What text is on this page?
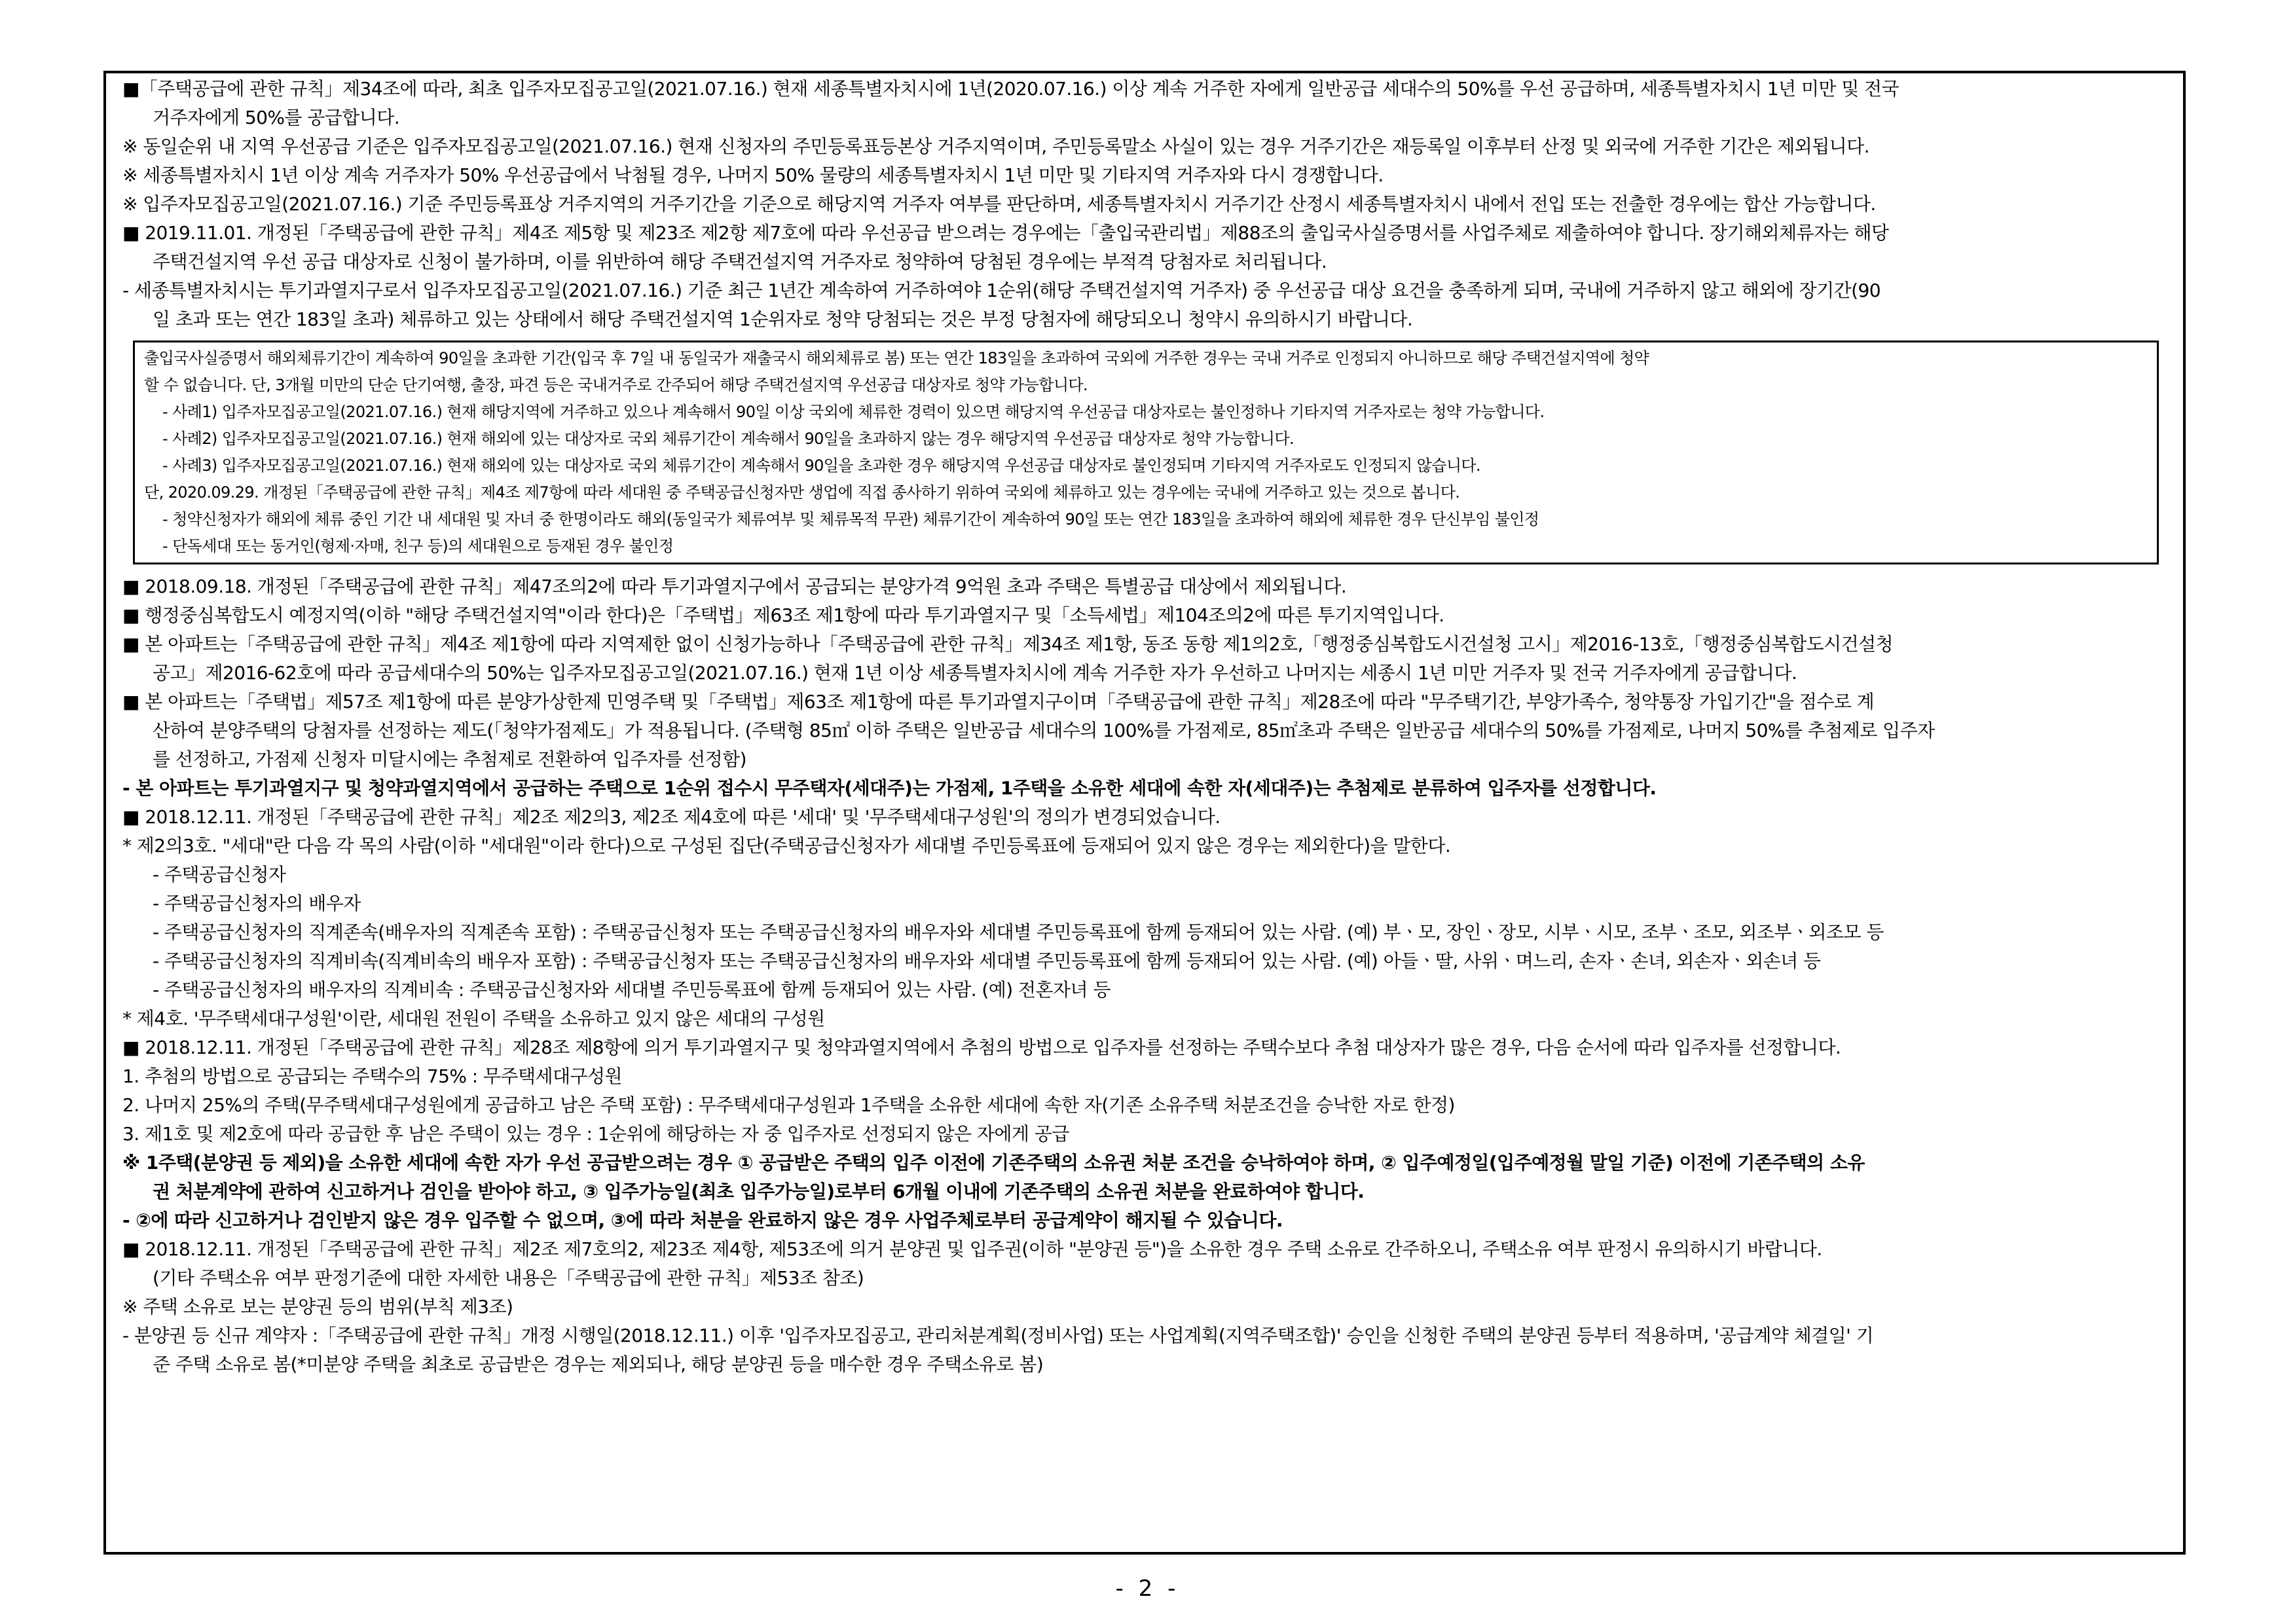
■「주택공급에 관한 규칙」제34조에 따라, 최초 입주자모집공고일(2021.07.16.) 현재 세종특별자치시에 1년(2020.07.16.) 이상 계속 거주한 자에게 일반공급 세대수의 50%를 우선 공급하며, 세종특별자치시 1년 미만 및 전국
거주자에게 50%를 공급합니다.
※ 동일순위 내 지역 우선공급 기준은 입주자모집공고일(2021.07.16.) 현재 신청자의 주민등록표등본상 거주지역이며, 주민등록말소 사실이 있는 경우 거주기간은 재등록일 이후부터 산정 및 외국에 거주한 기간은 제외됩니다.
※ 세종특별자치시 1년 이상 계속 거주자가 50% 우선공급에서 낙첨될 경우, 나머지 50% 물량의 세종특별자치시 1년 미만 및 기타지역 거주자와 다시 경쟁합니다.
※ 입주자모집공고일(2021.07.16.) 기준 주민등록표상 거주지역의 거주기간을 기준으로 해당지역 거주자 여부를 판단하며, 세종특별자치시 거주기간 산정시 세종특별자치시 내에서 전입 또는 전출한 경우에는 합산 가능합니다.
■ 2019.11.01. 개정된「주택공급에 관한 규칙」제4조 제5항 및 제23조 제2항 제7호에 따라 우선공급 받으려는 경우에는「출입국관리법」제88조의 출입국사실증명서를 사업주체로 제출하여야 합니다. 장기해외체류자는 해당
주택건설지역 우선 공급 대상자로 신청이 불가하며, 이를 위반하여 해당 주택건설지역 거주자로 청약하여 당첨된 경우에는 부적격 당첨자로 처리됩니다.
- 세종특별자치시는 투기과열지구로서 입주자모집공고일(2021.07.16.) 기준 최근 1년간 계속하여 거주하여야 1순위(해당 주택건설지역 거주자) 중 우선공급 대상 요건을 충족하게 되며, 국내에 거주하지 않고 해외에 장기간(90
일 초과 또는 연간 183일 초과) 체류하고 있는 상태에서 해당 주택건설지역 1순위자로 청약 당첨되는 것은 부정 당첨자에 해당되오니 청약시 유의하시기 바랍니다.
출입국사실증명서 해외체류기간이 계속하여 90일을 초과한 기간(입국 후 7일 내 동일국가 재출국시 해외체류로 봄) 또는 연간 183일을 초과하여 국외에 거주한 경우는 국내 거주로 인정되지 아니하므로 해당 주택건설지역에 청약
할 수 없습니다. 단, 3개월 미만의 단순 단기여행, 출장, 파견 등은 국내거주로 간주되어 해당 주택건설지역 우선공급 대상자로 청약 가능합니다.
- 사례1) 입주자모집공고일(2021.07.16.) 현재 해당지역에 거주하고 있으나 계속해서 90일 이상 국외에 체류한 경력이 있으면 해당지역 우선공급 대상자로는 불인정하나 기타지역 거주자로는 청약 가능합니다.
- 사례2) 입주자모집공고일(2021.07.16.) 현재 해외에 있는 대상자로 국외 체류기간이 계속해서 90일을 초과하지 않는 경우 해당지역 우선공급 대상자로 청약 가능합니다.
- 사례3) 입주자모집공고일(2021.07.16.) 현재 해외에 있는 대상자로 국외 체류기간이 계속해서 90일을 초과한 경우 해당지역 우선공급 대상자로 불인정되며 기타지역 거주자로도 인정되지 않습니다.
단, 2020.09.29. 개정된「주택공급에 관한 규칙」제4조 제7항에 따라 세대원 중 주택공급신청자만 생업에 직접 종사하기 위하여 국외에 체류하고 있는 경우에는 국내에 거주하고 있는 것으로 봅니다.
- 청약신청자가 해외에 체류 중인 기간 내 세대원 및 자녀 중 한명이라도 해외(동일국가 체류여부 및 체류목적 무관) 체류기간이 계속하여 90일 또는 연간 183일을 초과하여 해외에 체류한 경우 단신부임 불인정
- 단독세대 또는 동거인(형제·자매, 친구 등)의 세대원으로 등재된 경우 불인정
■ 2018.09.18. 개정된「주택공급에 관한 규칙」제47조의2에 따라 투기과열지구에서 공급되는 분양가격 9억원 초과 주택은 특별공급 대상에서 제외됩니다.
■ 행정중심복합도시 예정지역(이하 "해당 주택건설지역"이라 한다)은「주택법」제63조 제1항에 따라 투기과열지구 및「소득세법」제104조의2에 따른 투기지역입니다.
■ 본 아파트는「주택공급에 관한 규칙」제4조 제1항에 따라 지역제한 없이 신청가능하나「주택공급에 관한 규칙」제34조 제1항, 동조 동항 제1의2호,「행정중심복합도시건설청 고시」제2016-13호,「행정중심복합도시건설청
공고」제2016-62호에 따라 공급세대수의 50%는 입주자모집공고일(2021.07.16.) 현재 1년 이상 세종특별자치시에 계속 거주한 자가 우선하고 나머지는 세종시 1년 미만 거주자 및 전국 거주자에게 공급합니다.
■ 본 아파트는「주택법」제57조 제1항에 따른 분양가상한제 민영주택 및「주택법」제63조 제1항에 따른 투기과열지구이며「주택공급에 관한 규칙」제28조에 따라 "무주택기간, 부양가족수, 청약통장 가입기간"을 점수로 계
산하여 분양주택의 당첨자를 선정하는 제도(「청약가점제도」가 적용됩니다. (주택형 85㎡ 이하 주택은 일반공급 세대수의 100%를 가점제로, 85㎡초과 주택은 일반공급 세대수의 50%를 가점제로, 나머지 50%를 추첨제로 입주자
를 선정하고, 가점제 신청자 미달시에는 추첨제로 전환하여 입주자를 선정함)
- 본 아파트는 투기과열지구 및 청약과열지역에서 공급하는 주택으로 1순위 접수시 무주택자(세대주)는 가점제, 1주택을 소유한 세대에 속한 자(세대주)는 추첨제로 분류하여 입주자를 선정합니다.
■ 2018.12.11. 개정된「주택공급에 관한 규칙」제2조 제2의3, 제2조 제4호에 따른 '세대' 및 '무주택세대구성원'의 정의가 변경되었습니다.
* 제2의3호. "세대"란 다음 각 목의 사람(이하 "세대원"이라 한다)으로 구성된 집단(주택공급신청자가 세대별 주민등록표에 등재되어 있지 않은 경우는 제외한다)을 말한다.
- 주택공급신청자
- 주택공급신청자의 배우자
- 주택공급신청자의 직계존속(배우자의 직계존속 포함) : 주택공급신청자 또는 주택공급신청자의 배우자와 세대별 주민등록표에 함께 등재되어 있는 사람. (예) 부ㆍ모, 장인ㆍ장모, 시부ㆍ시모, 조부ㆍ조모, 외조부ㆍ외조모 등
- 주택공급신청자의 직계비속(직계비속의 배우자 포함) : 주택공급신청자 또는 주택공급신청자의 배우자와 세대별 주민등록표에 함께 등재되어 있는 사람. (예) 아들ㆍ딸, 사위ㆍ며느리, 손자ㆍ손녀, 외손자ㆍ외손녀 등
- 주택공급신청자의 배우자의 직계비속 : 주택공급신청자와 세대별 주민등록표에 함께 등재되어 있는 사람. (예) 전혼자녀 등
* 제4호. '무주택세대구성원'이란, 세대원 전원이 주택을 소유하고 있지 않은 세대의 구성원
■ 2018.12.11. 개정된「주택공급에 관한 규칙」제28조 제8항에 의거 투기과열지구 및 청약과열지역에서 추첨의 방법으로 입주자를 선정하는 주택수보다 추첨 대상자가 많은 경우, 다음 순서에 따라 입주자를 선정합니다.
1. 추첨의 방법으로 공급되는 주택수의 75% : 무주택세대구성원
2. 나머지 25%의 주택(무주택세대구성원에게 공급하고 남은 주택 포함) : 무주택세대구성원과 1주택을 소유한 세대에 속한 자(기존 소유주택 처분조건을 승낙한 자로 한정)
3. 제1호 및 제2호에 따라 공급한 후 남은 주택이 있는 경우 : 1순위에 해당하는 자 중 입주자로 선정되지 않은 자에게 공급
※ 1주택(분양권 등 제외)을 소유한 세대에 속한 자가 우선 공급받으려는 경우 ① 공급받은 주택의 입주 이전에 기존주택의 소유권 처분 조건을 승낙하여야 하며, ② 입주예정일(입주예정월 말일 기준) 이전에 기존주택의 소유
권 처분계약에 관하여 신고하거나 검인을 받아야 하고, ③ 입주가능일(최초 입주가능일)로부터 6개월 이내에 기존주택의 소유권 처분을 완료하여야 합니다.
- ②에 따라 신고하거나 검인받지 않은 경우 입주할 수 없으며, ③에 따라 처분을 완료하지 않은 경우 사업주체로부터 공급계약이 해지될 수 있습니다.
■ 2018.12.11. 개정된「주택공급에 관한 규칙」제2조 제7호의2, 제23조 제4항, 제53조에 의거 분양권 및 입주권(이하 "분양권 등")을 소유한 경우 주택 소유로 간주하오니, 주택소유 여부 판정시 유의하시기 바랍니다.
(기타 주택소유 여부 판정기준에 대한 자세한 내용은「주택공급에 관한 규칙」제53조 참조)
※ 주택 소유로 보는 분양권 등의 범위(부칙 제3조)
- 분양권 등 신규 계약자 :「주택공급에 관한 규칙」개정 시행일(2018.12.11.) 이후 '입주자모집공고, 관리처분계획(정비사업) 또는 사업계획(지역주택조합)' 승인을 신청한 주택의 분양권 등부터 적용하며, '공급계약 체결일' 기
준 주택 소유로 봄(*미분양 주택을 최초로 공급받은 경우는 제외되나, 해당 분양권 등을 매수한 경우 주택소유로 봄)
- 2 -
